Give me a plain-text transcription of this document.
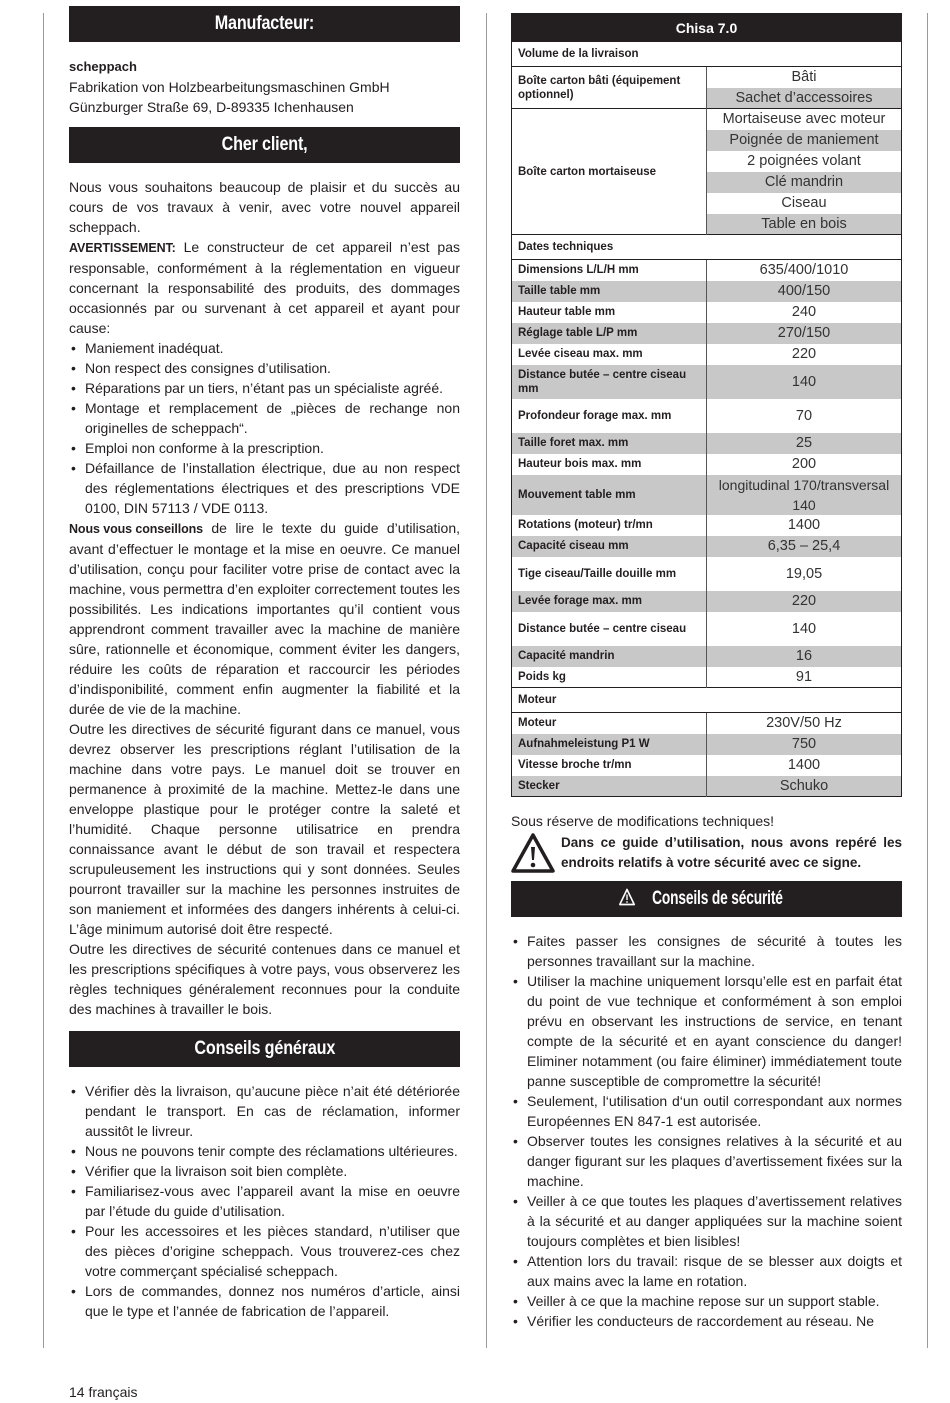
Manufacteur:
scheppach
Fabrikation von Holzbearbeitungsmaschinen GmbH
Günzburger Straße 69, D-89335 Ichenhausen
Cher client,
Nous vous souhaitons beaucoup de plaisir et du succès au cours de vos travaux à venir, avec votre nouvel appareil scheppach.
AVERTISSEMENT: Le constructeur de cet appareil n’est pas responsable, conformément à la réglementation en vigueur concernant la responsabilité des produits, des dommages occasionnés par ou survenant à cet appareil et ayant pour cause:
• Maniement inadéquat.
• Non respect des consignes d’utilisation.
• Réparations par un tiers, n’étant pas un spécialiste agréé.
• Montage et remplacement de „pièces de rechange non originelles de scheppach“.
• Emploi non conforme à la prescription.
• Défaillance de l’installation électrique, due au non respect des réglementations électriques et des prescriptions VDE 0100, DIN 57113 / VDE 0113.
Nous vous conseillons de lire le texte du guide d’utilisation, avant d’effectuer le montage et la mise en oeuvre. Ce manuel d’utilisation, conçu pour faciliter votre prise de contact avec la machine, vous permettra d’en exploiter correctement toutes les possibilités. Les indications importantes qu’il contient vous apprendront comment travailler avec la machine de manière sûre, rationnelle et économique, comment éviter les dangers, réduire les coûts de réparation et raccourcir les périodes d’indisponibilité, comment enfin augmenter la fiabilité et la durée de vie de la machine.
Outre les directives de sécurité figurant dans ce manuel, vous devrez observer les prescriptions réglant l’utilisation de la machine dans votre pays. Le manuel doit se trouver en permanence à proximité de la machine. Mettez-le dans une enveloppe plastique pour le protéger contre la saleté et l’humidité. Chaque personne utilisatrice en prendra connaissance avant le début de son travail et respectera scrupuleusement les instructions qui y sont données. Seules pourront travailler sur la machine les personnes instruites de son maniement et informées des dangers inhérents à celui-ci. L’âge minimum autorisé doit être respecté.
Outre les directives de sécurité contenues dans ce manuel et les prescriptions spécifiques à votre pays, vous observerez les règles techniques généralement reconnues pour la conduite des machines à travailler le bois.
Conseils généraux
• Vérifier dès la livraison, qu’aucune pièce n’ait été détériorée pendant le transport. En cas de réclamation, informer aussitôt le livreur.
• Nous ne pouvons tenir compte des réclamations ultérieures.
• Vérifier que la livraison soit bien complète.
• Familiarisez-vous avec l’appareil avant la mise en oeuvre par l’étude du guide d’utilisation.
• Pour les accessoires et les pièces standard, n’utiliser que des pièces d’origine scheppach. Vous trouverez-ces chez votre commerçant spécialisé scheppach.
• Lors de commandes, donnez nos numéros d’article, ainsi que le type et l’année de fabrication de l’appareil.
Chisa 7.0	
Volume de la livraison	
Boîte carton bâti (équipement optionnel)	Bâti
	Sachet d’accessoires
Boîte carton mortaiseuse	Mortaiseuse avec moteur
	Poignée de maniement
	2 poignées volant
	Clé mandrin
	Ciseau
	Table en bois
Dates techniques	
Dimensions L/L/H mm	635/400/1010
Taille table mm	400/150
Hauteur table mm	240
Réglage table L/P mm	270/150
Levée ciseau max. mm	220
Distance butée – centre ciseau mm	140
Profondeur forage max. mm	70
Taille foret max. mm	25
Hauteur bois max. mm	200
Mouvement table mm	longitudinal 170/transversal 140
Rotations (moteur) tr/mn	1400
Capacité ciseau mm	6,35 – 25,4
Tige ciseau/Taille douille mm	19,05
Levée forage max. mm	220
Distance butée – centre ciseau	140
Capacité mandrin	16
Poids kg	91
Moteur	
Moteur	230V/50 Hz
Aufnahmeleistung P1 W	750
Vitesse broche tr/mn	1400
Stecker	Schuko
Sous réserve de modifications techniques!
Dans ce guide d’utilisation, nous avons repéré les endroits relatifs à votre sécurité avec ce signe.
Conseils de sécurité
• Faites passer les consignes de sécurité à toutes les personnes travaillant sur la machine.
• Utiliser la machine uniquement lorsqu’elle est en parfait état du point de vue technique et conformément à son emploi prévu en observant les instructions de service, en tenant compte de la sécurité et en ayant conscience du danger! Eliminer notamment (ou faire éliminer) immédiatement toute panne susceptible de compromettre la sécurité!
• Seulement, l‘utilisation d‘un outil correspondant aux normes Européennes EN 847-1 est autorisée.
• Observer toutes les consignes relatives à la sécurité et au danger figurant sur les plaques d’avertissement fixées sur la machine.
• Veiller à ce que toutes les plaques d’avertissement relatives à la sécurité et au danger appliquées sur la machine soient toujours complètes et bien lisibles!
• Attention lors du travail: risque de se blesser aux doigts et aux mains avec la lame en rotation.
• Veiller à ce que la machine repose sur un support stable.
• Vérifier les conducteurs de raccordement au réseau. Ne
14 français
